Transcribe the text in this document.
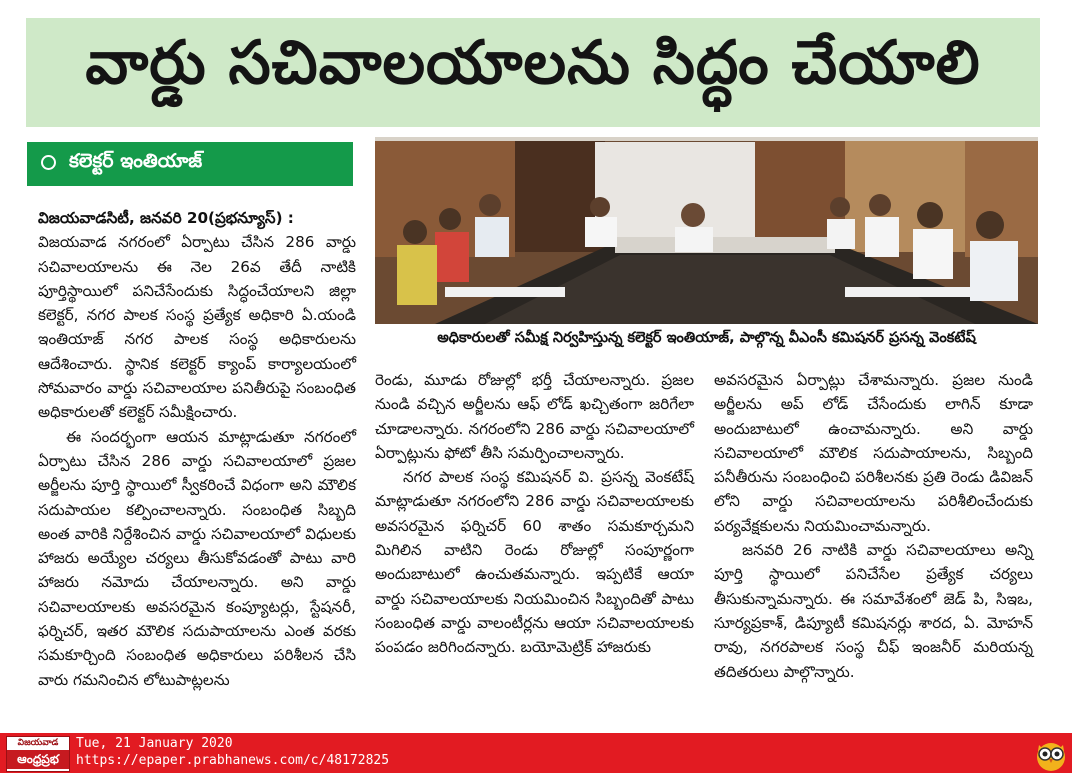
వార్డు సచివాలయాలను సిద్ధం చేయాలి
కలెక్టర్ ఇంతియాజ్

విజయవాడసిటీ, జనవరి 20(ప్రభన్యూస్) :

విజయవాడ నగరంలో ఏర్పాటు చేసిన 286 వార్డు సచివాలయాలను ఈ నెల 26వ తేదీ నాటికి పూర్తిస్థాయిలో పనిచేసేందుకు సిద్ధంచేయాలని జిల్లా కలెక్టర్, నగర పాలక సంస్థ ప్రత్యేక అధికారి ఏ.యండి ఇంతియాజ్ నగర పాలక సంస్థ అధికారులను ఆదేశించారు. స్థానిక కలెక్టర్ క్యాంప్ కార్యాలయంలో సోమవారం వార్డు సచివాలయాల పనితీరుపై సంబంధిత అధికారులతో కలెక్టర్ సమీక్షించారు.

ఈ సందర్భంగా ఆయన మాట్లాడుతూ నగరంలో ఏర్పాటు చేసిన 286 వార్డు సచివాలయాలో ప్రజల అర్జీలను పూర్తి స్థాయిలో స్వీకరించే విధంగా అని మౌలిక సదుపాయల కల్పించాలన్నారు. సంబంధిత సిబ్బది అంత వారికి నిర్దేశించిన వార్డు సచివాలయాలో విధులకు హాజరు అయ్యేల చర్యలు తీసుకోవడంతో పాటు వారి హాజరు నమోదు చేయాలన్నారు. అని వార్డు సచివాలయాలకు అవసరమైన కంప్యూటర్లు, స్టేషనరీ, ఫర్నిచర్, ఇతర మౌలిక సదుపాయాలను ఎంత వరకు సమకూర్చింది సంబంధిత అధికారులు పరిశీలన చేసి వారు గమనించిన లోటుపాట్లలను

అధికారులతో సమీక్ష నిర్వహిస్తున్న కలెక్టర్ ఇంతియాజ్, పాల్గొన్న వీఎంసీ కమిషనర్ ప్రసన్న వెంకటేష్

రెండు, మూడు రోజుల్లో భర్తీ చేయాలన్నారు. ప్రజల నుండి వచ్చిన అర్జీలను ఆఫ్ లోడ్ ఖచ్చితంగా జరిగేలా చూడాలన్నారు. నగరంలోని 286 వార్డు సచివాలయాలో ఏర్పాట్లును ఫోటో తీసి సమర్పించాలన్నారు.

నగర పాలక సంస్థ కమిషనర్ వి. ప్రసన్న వెంకటేష్ మాట్లాడుతూ నగరంలోని 286 వార్డు సచివాలయాలకు అవసరమైన ఫర్నిచర్ 60 శాతం సమకూర్చమని మిగిలిన వాటిని రెండు రోజుల్లో సంపూర్ణంగా అందుబాటులో ఉంచుతమన్నారు. ఇప్పటికే ఆయా వార్డు సచివాలయాలకు నియమించిన సిబ్బందితో పాటు సంబంధిత వార్డు వాలంటీర్లను ఆయా సచివాలయాలకు పంపడం జరిగిందన్నారు. బయోమెట్రిక్ హాజరుకు

అవసరమైన ఏర్పాట్లు చేశామన్నారు. ప్రజల నుండి అర్జీలను అప్ లోడ్ చేసేందుకు లాగిన్ కూడా అందుబాటులో ఉంచామన్నారు. అని వార్డు సచివాలయాలో మౌలిక సదుపాయాలను, సిబ్బంది పనీతీరును సంబంధించి పరిశీలనకు ప్రతి రెండు డివిజన్ లోని వార్డు సచివాలయాలను పరిశీలించేందుకు పర్యవేక్షకులను నియమించామన్నారు.

జనవరి 26 నాటికి వార్డు సచివాలయాలు అన్ని పూర్తి స్థాయిలో పనిచేసేల ప్రత్యేక చర్యలు తీసుకున్నామన్నారు. ఈ సమావేశంలో జెడ్ పి, సిఇఒ, సూర్యప్రకాశ్, డిప్యూటీ కమిషనర్లు శారద, ఏ. మోహన్ రావు, నగరపాలక సంస్థ చీఫ్ ఇంజనీర్ మరియన్న తదితరులు పాల్గొన్నారు.

విజయవాడ
ఆంధ్రప్రభ
Tue, 21 January 2020
https://epaper.prabhanews.com/c/48172825
